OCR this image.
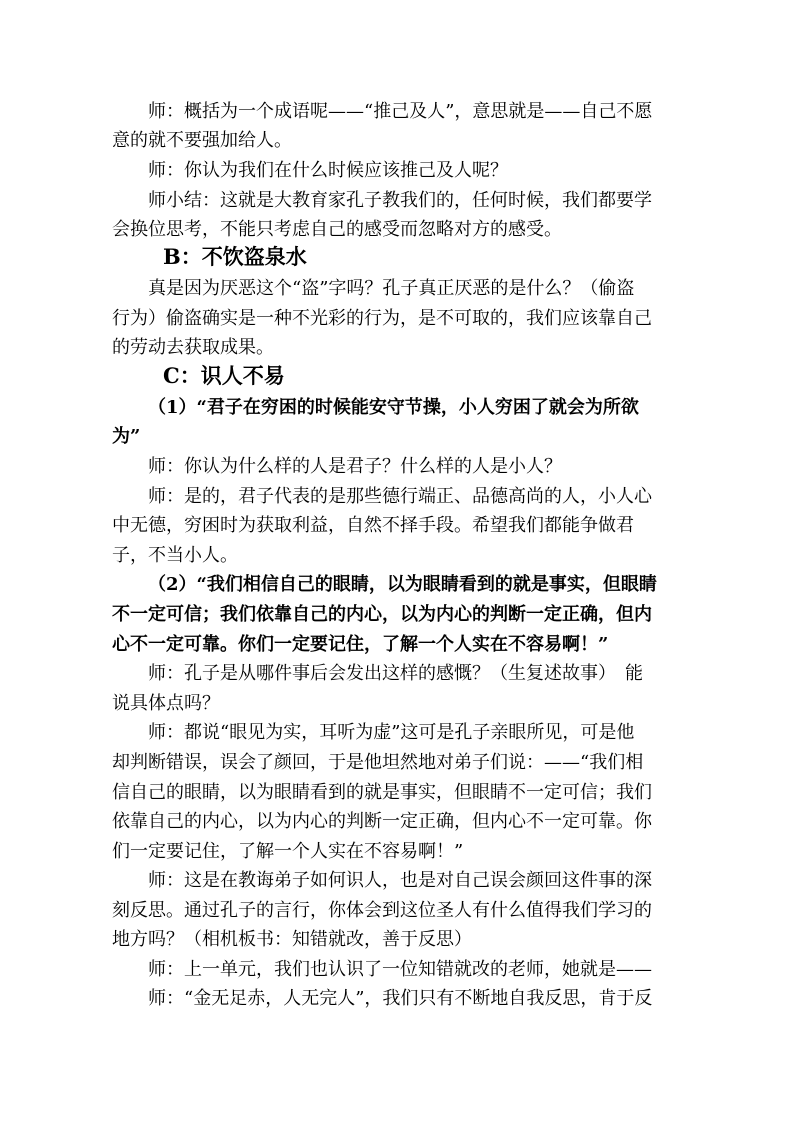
师：概括为一个成语呢——“推己及人”，意思就是——自己不愿
意的就不要强加给人。
师：你认为我们在什么时候应该推己及人呢？
师小结：这就是大教育家孔子教我们的，任何时候，我们都要学
会换位思考，不能只考虑自己的感受而忽略对方的感受。
B：不饮盗泉水
真是因为厌恶这个“盗”字吗？孔子真正厌恶的是什么？（偷盗
行为）偷盗确实是一种不光彩的行为，是不可取的，我们应该靠自己
的劳动去获取成果。
C：识人不易
（1）“君子在穷困的时候能安守节操，小人穷困了就会为所欲
为”
师：你认为什么样的人是君子？什么样的人是小人？
师：是的，君子代表的是那些德行端正、品德高尚的人，小人心
中无德，穷困时为获取利益，自然不择手段。希望我们都能争做君
子，不当小人。
（2）“我们相信自己的眼睛，以为眼睛看到的就是事实，但眼睛
不一定可信；我们依靠自己的内心，以为内心的判断一定正确，但内
心不一定可靠。你们一定要记住，了解一个人实在不容易啊！”
师：孔子是从哪件事后会发出这样的感慨？（生复述故事）　能
说具体点吗？
师：都说“眼见为实，耳听为虚”这可是孔子亲眼所见，可是他
却判断错误，误会了颜回，于是他坦然地对弟子们说：——“我们相
信自己的眼睛，以为眼睛看到的就是事实，但眼睛不一定可信；我们
依靠自己的内心，以为内心的判断一定正确，但内心不一定可靠。你
们一定要记住，了解一个人实在不容易啊！”
师：这是在教诲弟子如何识人，也是对自己误会颜回这件事的深
刻反思。通过孔子的言行，你体会到这位圣人有什么值得我们学习的
地方吗？（相机板书：知错就改，善于反思）
师：上一单元，我们也认识了一位知错就改的老师，她就是——
师：“金无足赤，人无完人”，我们只有不断地自我反思，肯于反
